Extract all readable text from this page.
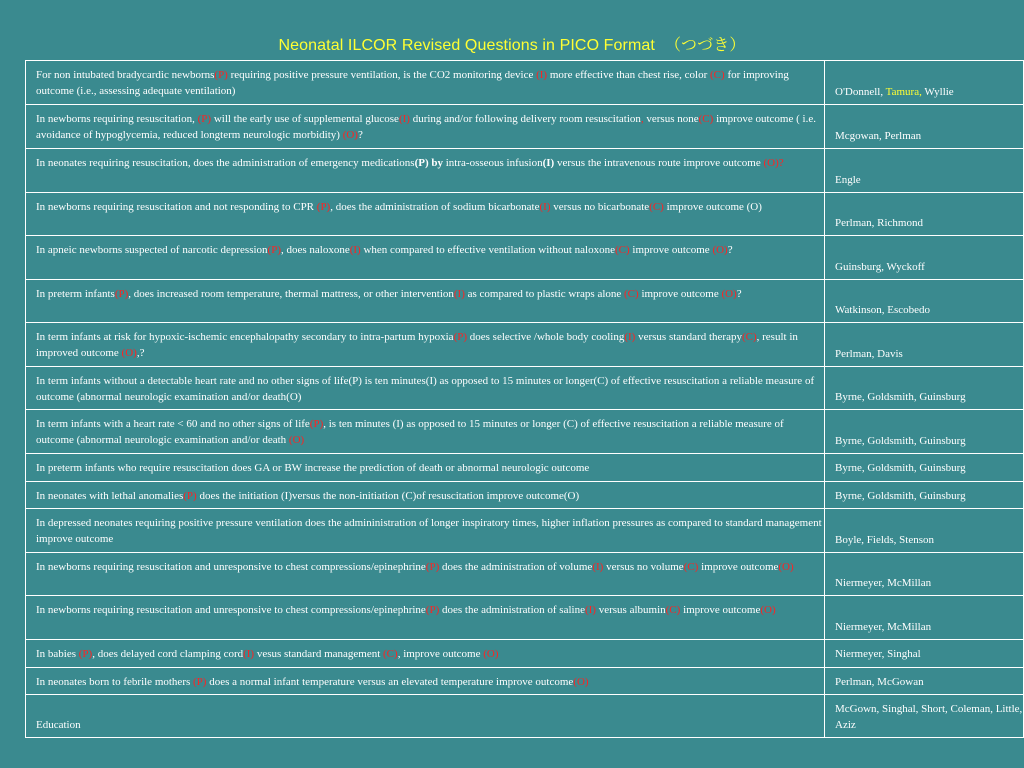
Neonatal ILCOR Revised Questions in PICO Format （つづき）
For non intubated bradycardic newborns(P) requiring positive pressure ventilation, is the CO2 monitoring device (I) more effective than chest rise, color (C) for improving outcome (i.e., assessing adequate ventilation)	O'Donnell, Tamura, Wyllie
In newborns requiring resuscitation, (P) will the early use of supplemental glucose(I) during and/or following delivery room resuscitation, versus none(C) improve outcome ( i.e. avoidance of hypoglycemia, reduced longterm neurologic morbidity) (O)?	Mcgowan, Perlman
In neonates requiring resuscitation, does the administration of emergency medications(P) by intra-osseous infusion(I) versus the intravenous route improve outcome (O)?	Engle
In newborns requiring resuscitation and not responding to CPR (P), does the administration of sodium bicarbonate(I) versus no bicarbonate(C) improve outcome (O)	Perlman, Richmond
In apneic newborns suspected of narcotic depression(P), does naloxone(I) when compared to effective ventilation without naloxone(C) improve outcome (O)?	Guinsburg, Wyckoff
In preterm infants(P), does increased room temperature, thermal mattress, or other intervention(I) as compared to plastic wraps alone (C) improve outcome (O)?	Watkinson, Escobedo
In term infants at risk for hypoxic-ischemic encephalopathy secondary to intra-partum hypoxia(P) does selective /whole body cooling(I) versus standard therapy(C), result in improved outcome (O),?	Perlman, Davis
In term infants without a detectable heart rate and no other signs of life(P) is ten minutes(I) as opposed to 15 minutes or longer(C) of effective resuscitation a reliable measure of outcome (abnormal neurologic examination and/or death(O)	Byrne, Goldsmith, Guinsburg
In term infants with a heart rate < 60 and no other signs of life(P), is ten minutes (I) as opposed to 15 minutes or longer (C) of effective resuscitation a reliable measure of outcome (abnormal neurologic examination and/or death (O)	Byrne, Goldsmith, Guinsburg
In preterm infants who require resuscitation does GA or BW increase the prediction of death or abnormal neurologic outcome	Byrne, Goldsmith, Guinsburg
In neonates with lethal anomalies(P) does the initiation (I)versus the non-initiation (C)of resuscitation improve outcome(O)	Byrne, Goldsmith, Guinsburg
In depressed neonates requiring positive pressure ventilation does the admininistration of longer inspiratory times, higher inflation pressures as compared to standard management improve outcome	Boyle, Fields, Stenson
In newborns requiring resuscitation and unresponsive to chest compressions/epinephrine(P) does the administration of volume(I) versus no volume(C) improve outcome(O)	Niermeyer, McMillan
In newborns requiring resuscitation and unresponsive to chest compressions/epinephrine(P) does the administration of saline(I) versus albumin(C) improve outcome(O)	Niermeyer, McMillan
In babies (P), does delayed cord clamping cord(I) vesus standard management (C), improve outcome (O)	Niermeyer, Singhal
In neonates born to febrile mothers (P) does a normal infant temperature versus an elevated temperature improve outcome(O)	Perlman, McGowan
Education	McGown, Singhal, Short, Coleman, Little, Aziz
